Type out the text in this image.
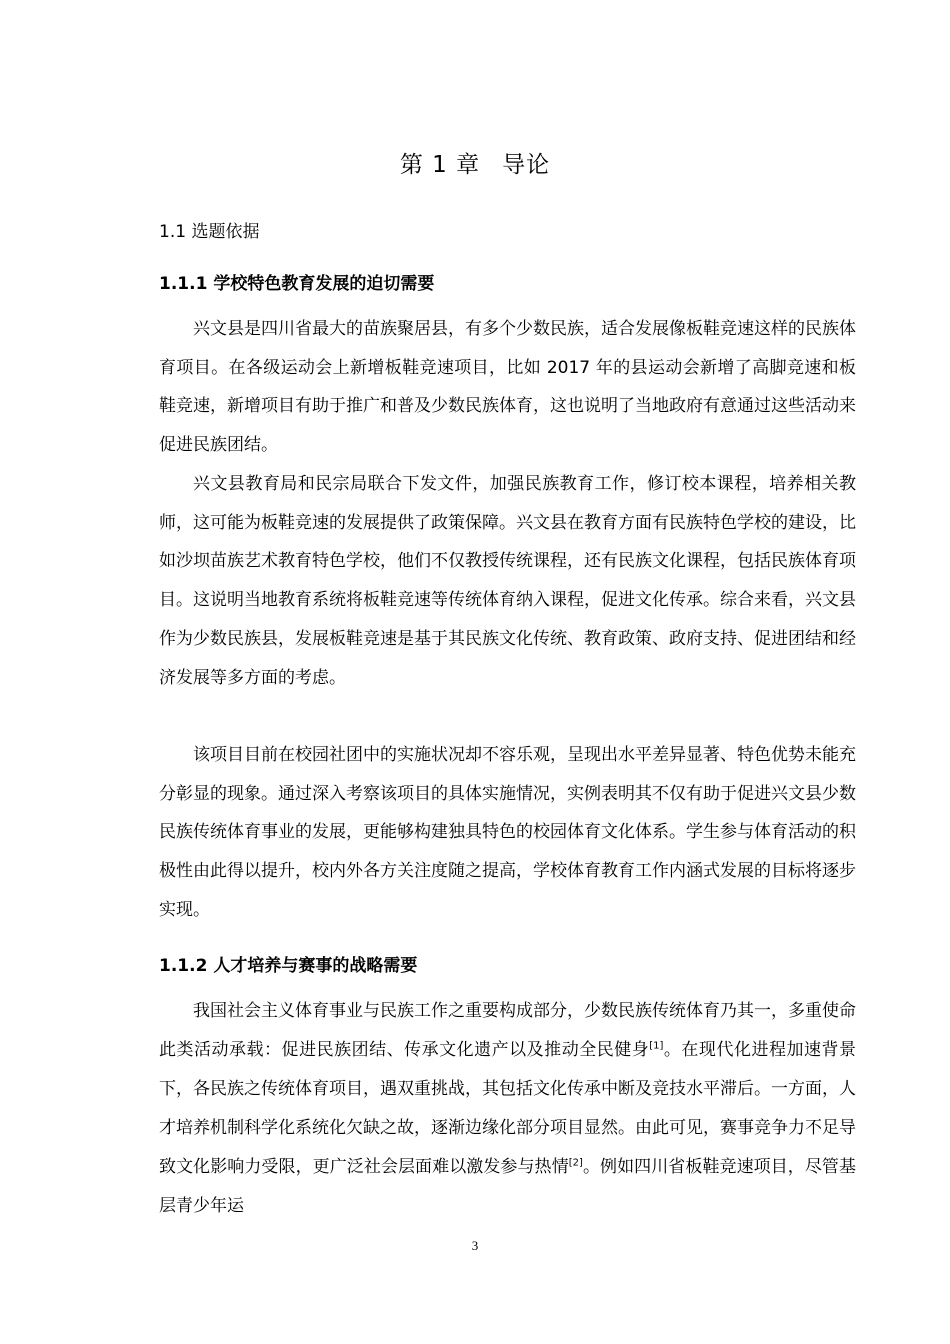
第 1 章 导论
1.1 选题依据
1.1.1 学校特色教育发展的迫切需要

兴文县是四川省最大的苗族聚居县，有多个少数民族，适合发展像板鞋竞速这样的民族体育项目。在各级运动会上新增板鞋竞速项目，比如 2017 年的县运动会新增了高脚竞速和板鞋竞速，新增项目有助于推广和普及少数民族体育，这也说明了当地政府有意通过这些活动来促进民族团结。

兴文县教育局和民宗局联合下发文件，加强民族教育工作，修订校本课程，培养相关教师，这可能为板鞋竞速的发展提供了政策保障。兴文县在教育方面有民族特色学校的建设，比如沙坝苗族艺术教育特色学校，他们不仅教授传统课程，还有民族文化课程，包括民族体育项目。这说明当地教育系统将板鞋竞速等传统体育纳入课程，促进文化传承。综合来看，兴文县作为少数民族县，发展板鞋竞速是基于其民族文化传统、教育政策、政府支持、促进团结和经济发展等多方面的考虑。

该项目目前在校园社团中的实施状况却不容乐观，呈现出水平差异显著、特色优势未能充分彰显的现象。通过深入考察该项目的具体实施情况，实例表明其不仅有助于促进兴文县少数民族传统体育事业的发展，更能够构建独具特色的校园体育文化体系。学生参与体育活动的积极性由此得以提升，校内外各方关注度随之提高，学校体育教育工作内涵式发展的目标将逐步实现。

1.1.2 人才培养与赛事的战略需要

我国社会主义体育事业与民族工作之重要构成部分，少数民族传统体育乃其一，多重使命此类活动承载：促进民族团结、传承文化遗产以及推动全民健身[1]。在现代化进程加速背景下，各民族之传统体育项目，遇双重挑战，其包括文化传承中断及竞技水平滞后。一方面，人才培养机制科学化系统化欠缺之故，逐渐边缘化部分项目显然。由此可见，赛事竞争力不足导致文化影响力受限，更广泛社会层面难以激发参与热情[2]。例如四川省板鞋竞速项目，尽管基层青少年运

3
